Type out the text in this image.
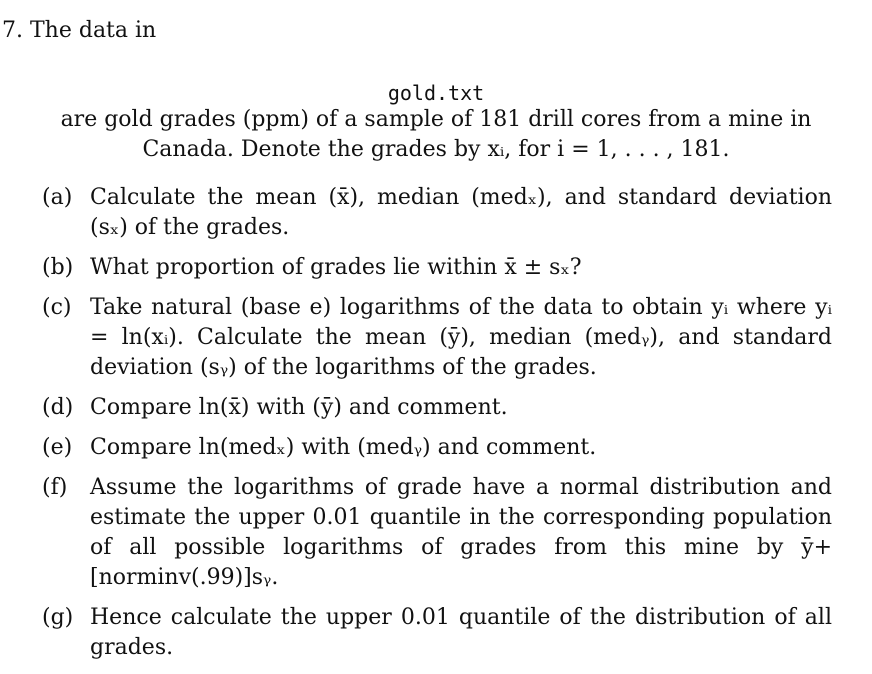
7. The data in
gold.txt
are gold grades (ppm) of a sample of 181 drill cores from a mine in
Canada. Denote the grades by xᵢ, for i = 1, . . . , 181.
(a) Calculate the mean (x̄), median (medₓ), and standard deviation (sₓ) of the grades.
(b) What proportion of grades lie within x̄ ± sₓ?
(c) Take natural (base e) logarithms of the data to obtain yᵢ where yᵢ = ln(xᵢ). Calculate the mean (ȳ), median (medᵧ), and standard deviation (sᵧ) of the logarithms of the grades.
(d) Compare ln(x̄) with (ȳ) and comment.
(e) Compare ln(medₓ) with (medᵧ) and comment.
(f)	Assume the logarithms of grade have a normal distribution and estimate the upper 0.01 quantile in the corresponding population of all possible logarithms of grades from this mine by ȳ+[norminv(.99)]sᵧ.
(g) Hence calculate the upper 0.01 quantile of the distribution of all grades.
